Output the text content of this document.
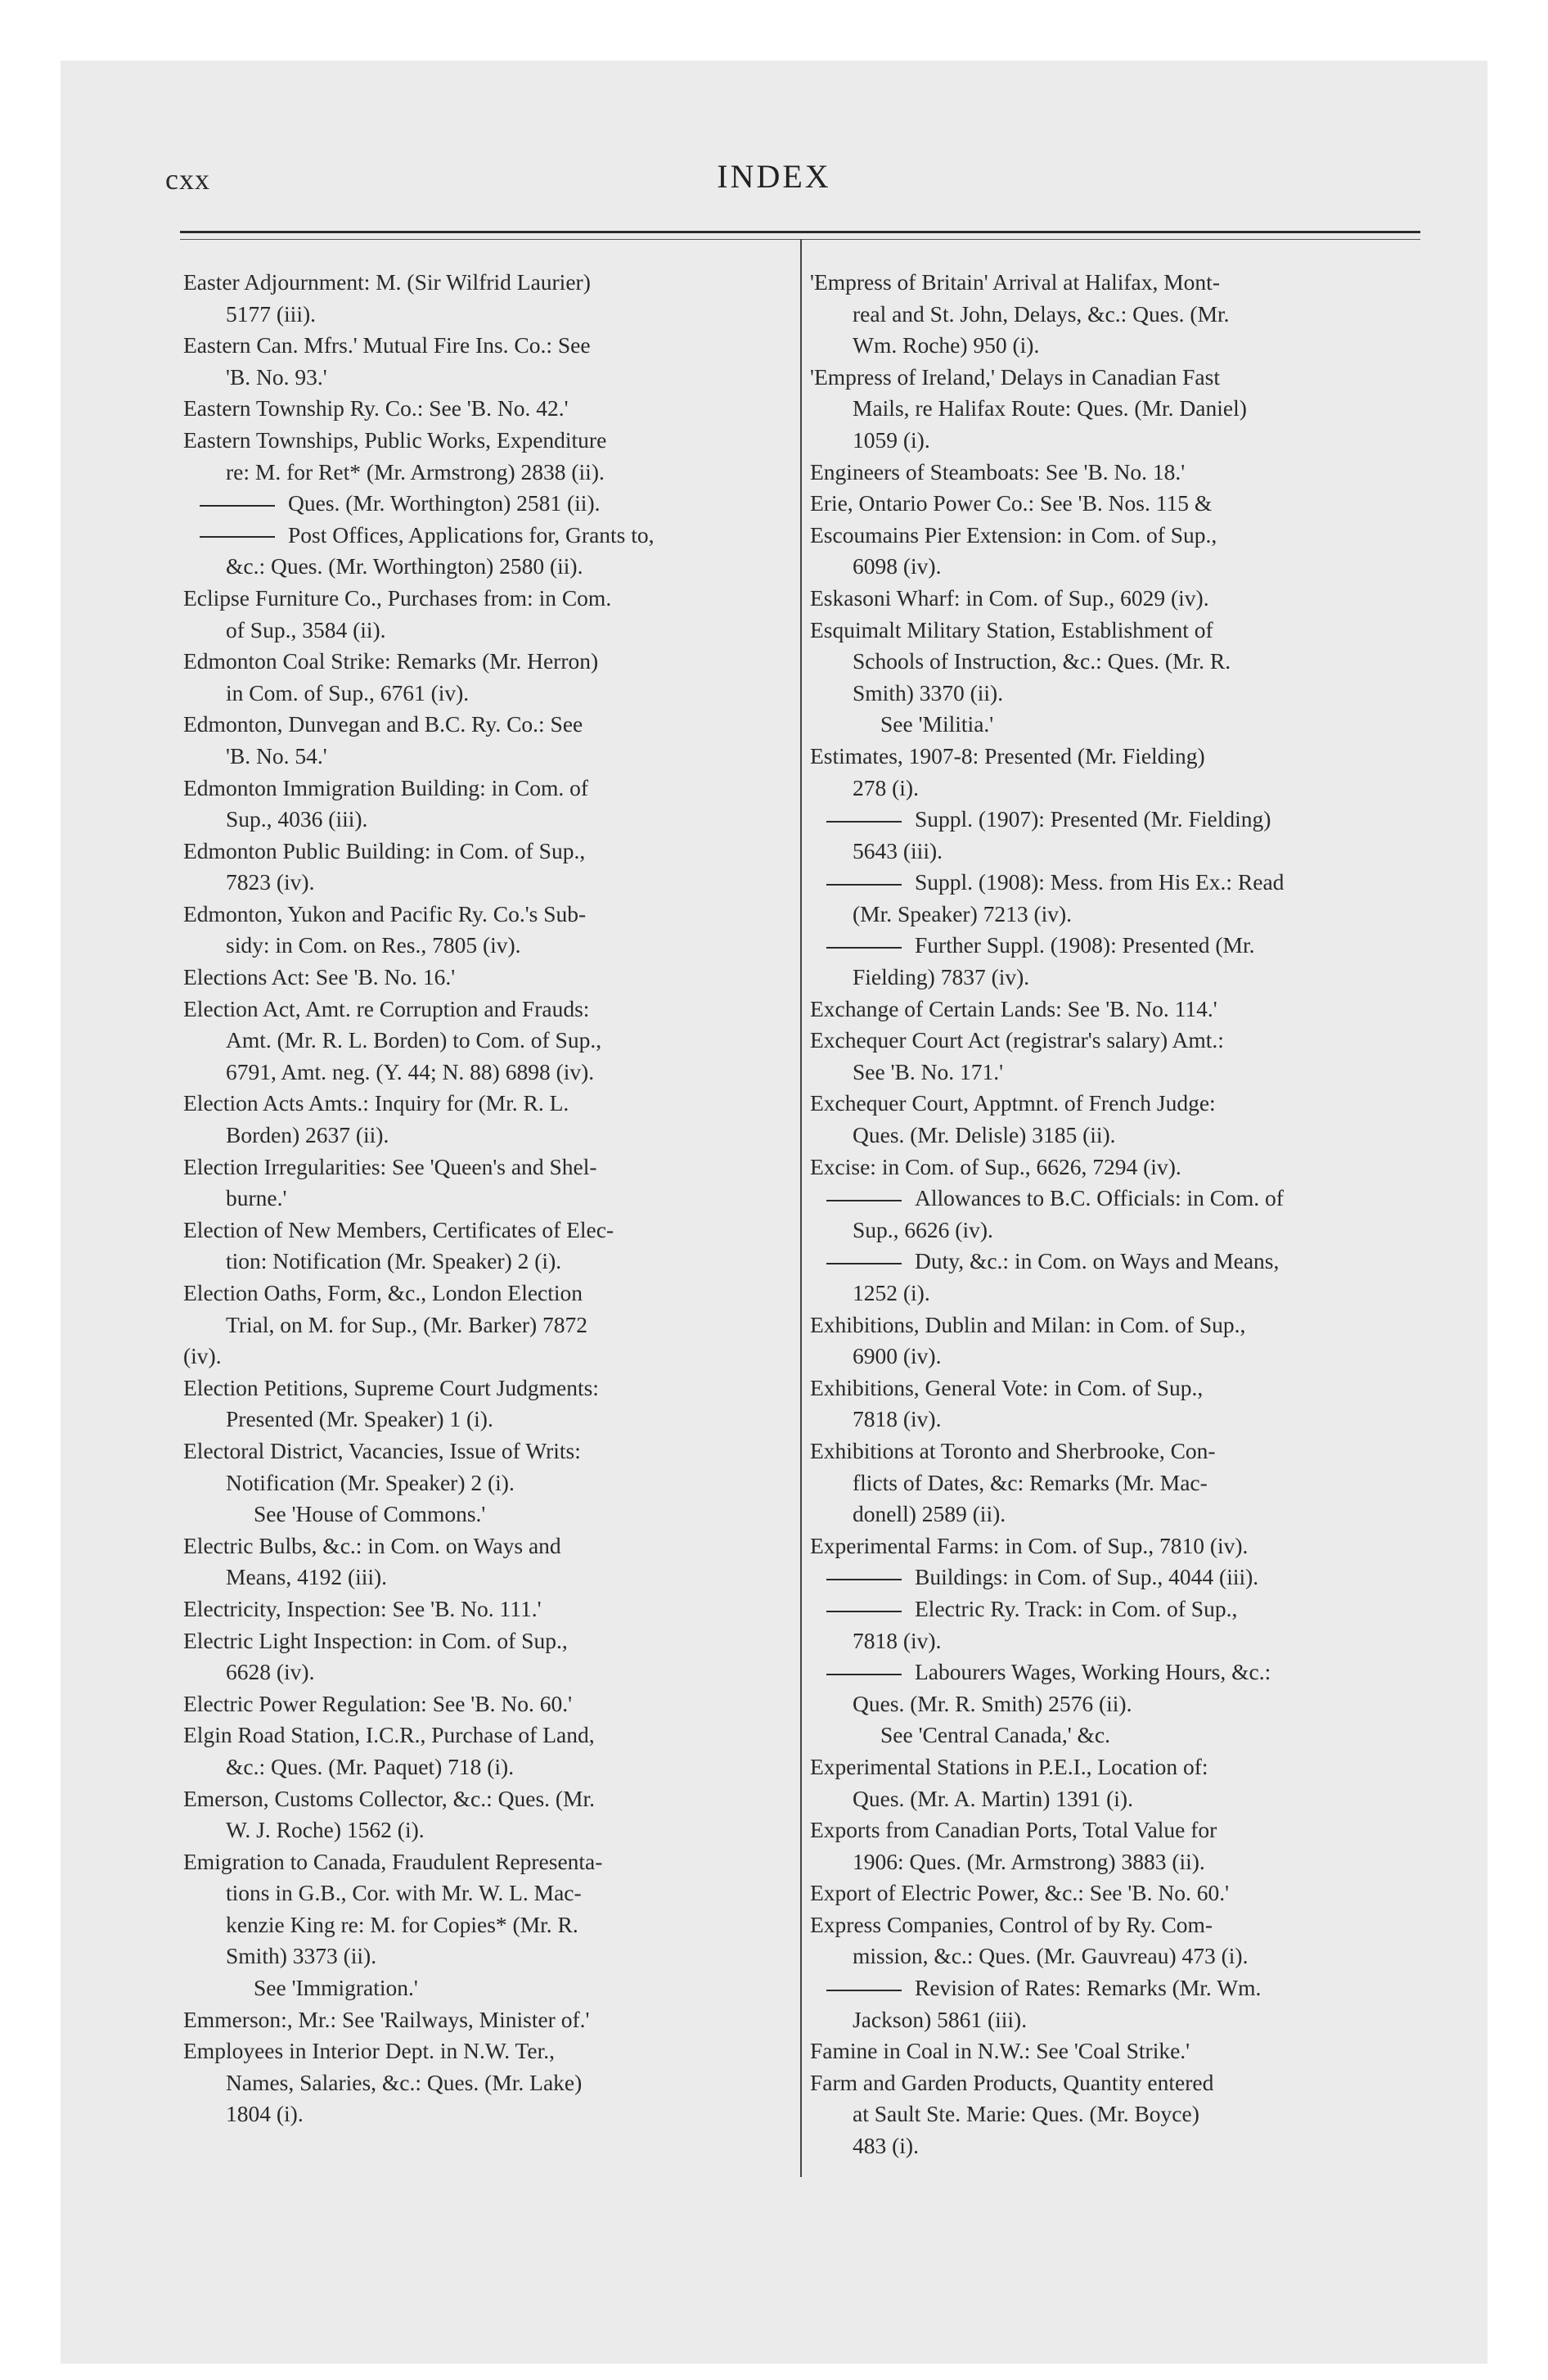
cxx	INDEX
Easter Adjournment: M. (Sir Wilfrid Laurier)
5177 (iii).
Eastern Can. Mfrs.' Mutual Fire Ins. Co.: See
'B. No. 93.'
Eastern Township Ry. Co.: See 'B. No. 42.'
Eastern Townships, Public Works, Expenditure
re: M. for Ret* (Mr. Armstrong) 2838 (ii).
Ques. (Mr. Worthington) 2581 (ii).
Post Offices, Applications for, Grants to,
&c.: Ques. (Mr. Worthington) 2580 (ii).
Eclipse Furniture Co., Purchases from: in Com.
of Sup., 3584 (ii).
Edmonton Coal Strike: Remarks (Mr. Herron)
in Com. of Sup., 6761 (iv).
Edmonton, Dunvegan and B.C. Ry. Co.: See
'B. No. 54.'
Edmonton Immigration Building: in Com. of
Sup., 4036 (iii).
Edmonton Public Building: in Com. of Sup.,
7823 (iv).
Edmonton, Yukon and Pacific Ry. Co.'s Sub-
sidy: in Com. on Res., 7805 (iv).
Elections Act: See 'B. No. 16.'
Election Act, Amt. re Corruption and Frauds:
Amt. (Mr. R. L. Borden) to Com. of Sup.,
6791, Amt. neg. (Y. 44; N. 88) 6898 (iv).
Election Acts Amts.: Inquiry for (Mr. R. L.
Borden) 2637 (ii).
Election Irregularities: See 'Queen's and Shel-
burne.'
Election of New Members, Certificates of Elec-
tion: Notification (Mr. Speaker) 2 (i).
Election Oaths, Form, &c., London Election
Trial, on M. for Sup., (Mr. Barker) 7872
(iv).
Election Petitions, Supreme Court Judgments:
Presented (Mr. Speaker) 1 (i).
Electoral District, Vacancies, Issue of Writs:
Notification (Mr. Speaker) 2 (i).
See 'House of Commons.'
Electric Bulbs, &c.: in Com. on Ways and
Means, 4192 (iii).
Electricity, Inspection: See 'B. No. 111.'
Electric Light Inspection: in Com. of Sup.,
6628 (iv).
Electric Power Regulation: See 'B. No. 60.'
Elgin Road Station, I.C.R., Purchase of Land,
&c.: Ques. (Mr. Paquet) 718 (i).
Emerson, Customs Collector, &c.: Ques. (Mr.
W. J. Roche) 1562 (i).
Emigration to Canada, Fraudulent Representa-
tions in G.B., Cor. with Mr. W. L. Mac-
kenzie King re: M. for Copies* (Mr. R.
Smith) 3373 (ii).
See 'Immigration.'
Emmerson:, Mr.: See 'Railways, Minister of.'
Employees in Interior Dept. in N.W. Ter.,
Names, Salaries, &c.: Ques. (Mr. Lake)
1804 (i).
'Empress of Britain' Arrival at Halifax, Mont-
real and St. John, Delays, &c.: Ques. (Mr.
Wm. Roche) 950 (i).
'Empress of Ireland,' Delays in Canadian Fast
Mails, re Halifax Route: Ques. (Mr. Daniel)
1059 (i).
Engineers of Steamboats: See 'B. No. 18.'
Erie, Ontario Power Co.: See 'B. Nos. 115 &
Escoumains Pier Extension: in Com. of Sup.,
6098 (iv).
Eskasoni Wharf: in Com. of Sup., 6029 (iv).
Esquimalt Military Station, Establishment of
Schools of Instruction, &c.: Ques. (Mr. R.
Smith) 3370 (ii).
See 'Militia.'
Estimates, 1907-8: Presented (Mr. Fielding)
278 (i).
Suppl. (1907): Presented (Mr. Fielding)
5643 (iii).
Suppl. (1908): Mess. from His Ex.: Read
(Mr. Speaker) 7213 (iv).
Further Suppl. (1908): Presented (Mr.
Fielding) 7837 (iv).
Exchange of Certain Lands: See 'B. No. 114.'
Exchequer Court Act (registrar's salary) Amt.:
See 'B. No. 171.'
Exchequer Court, Apptmnt. of French Judge:
Ques. (Mr. Delisle) 3185 (ii).
Excise: in Com. of Sup., 6626, 7294 (iv).
Allowances to B.C. Officials: in Com. of
Sup., 6626 (iv).
Duty, &c.: in Com. on Ways and Means,
1252 (i).
Exhibitions, Dublin and Milan: in Com. of Sup.,
6900 (iv).
Exhibitions, General Vote: in Com. of Sup.,
7818 (iv).
Exhibitions at Toronto and Sherbrooke, Con-
flicts of Dates, &c: Remarks (Mr. Mac-
donell) 2589 (ii).
Experimental Farms: in Com. of Sup., 7810 (iv).
Buildings: in Com. of Sup., 4044 (iii).
Electric Ry. Track: in Com. of Sup.,
7818 (iv).
Labourers Wages, Working Hours, &c.:
Ques. (Mr. R. Smith) 2576 (ii).
See 'Central Canada,' &c.
Experimental Stations in P.E.I., Location of:
Ques. (Mr. A. Martin) 1391 (i).
Exports from Canadian Ports, Total Value for
1906: Ques. (Mr. Armstrong) 3883 (ii).
Export of Electric Power, &c.: See 'B. No. 60.'
Express Companies, Control of by Ry. Com-
mission, &c.: Ques. (Mr. Gauvreau) 473 (i).
Revision of Rates: Remarks (Mr. Wm.
Jackson) 5861 (iii).
Famine in Coal in N.W.: See 'Coal Strike.'
Farm and Garden Products, Quantity entered
at Sault Ste. Marie: Ques. (Mr. Boyce)
483 (i).
